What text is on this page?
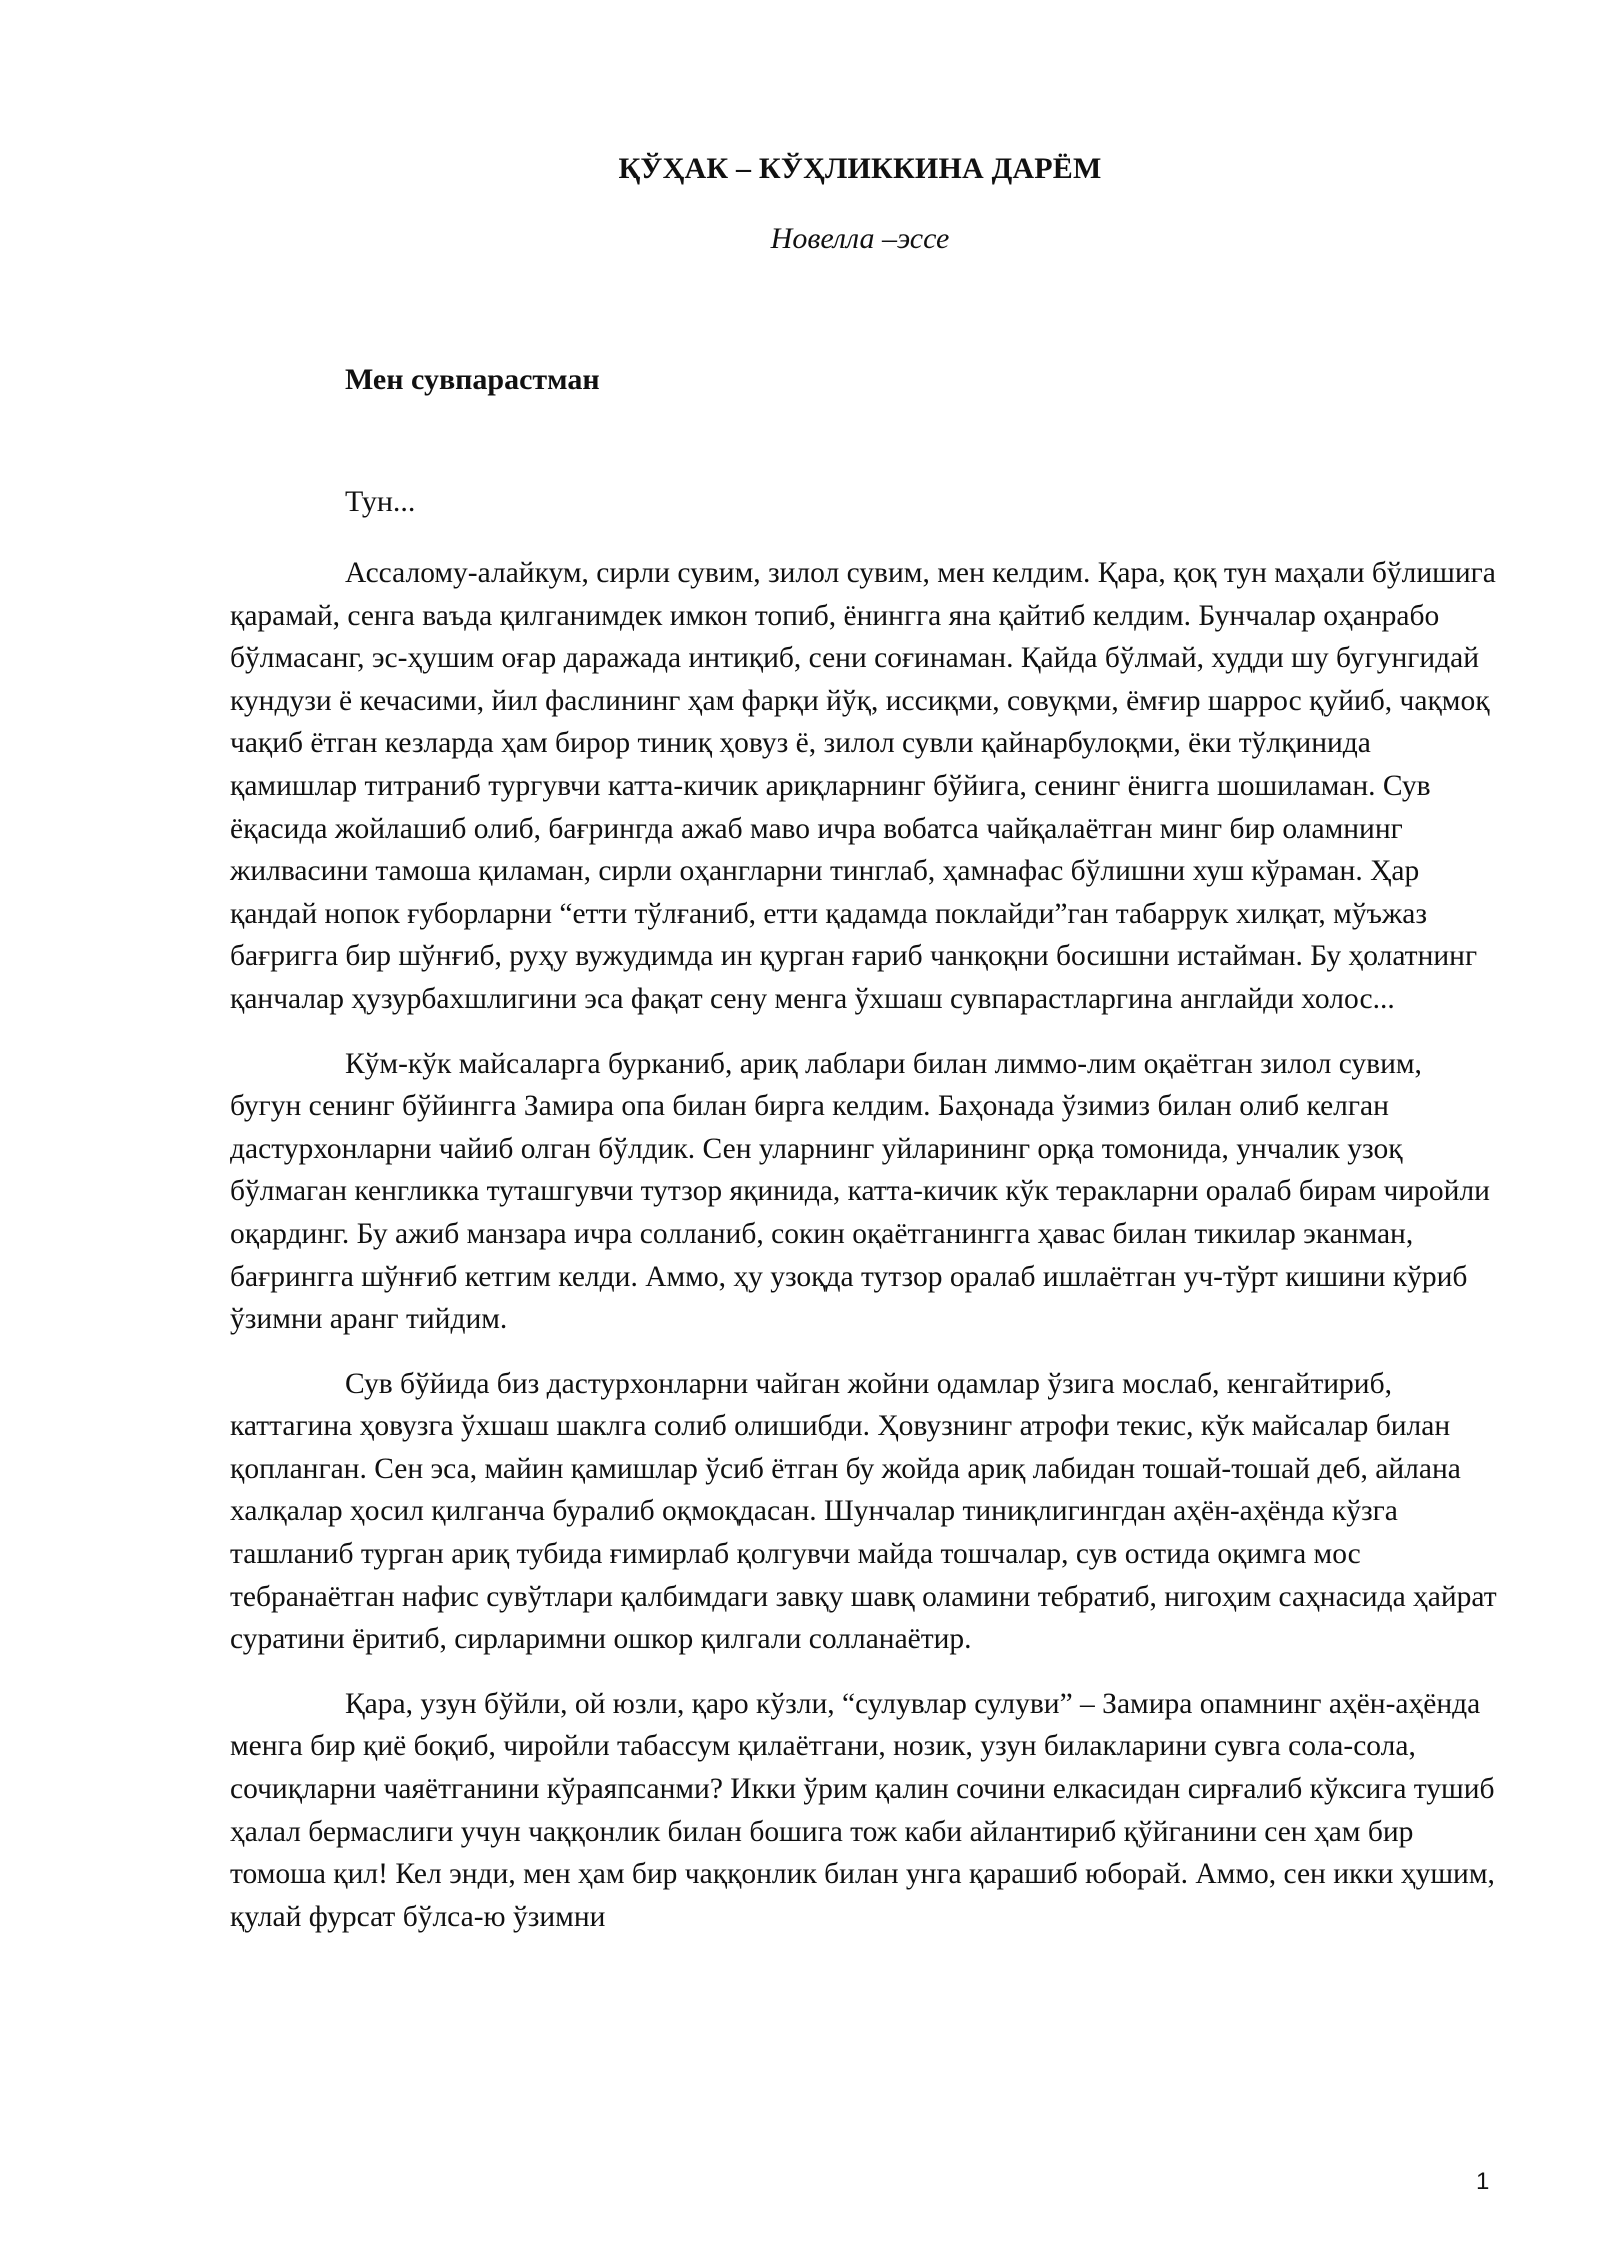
ҚЎҲАК – КЎҲЛИККИНА ДАРЁМ

Новелла –эссе

Мен сувпарастман

Тун...

Ассалому-алайкум, сирли сувим, зилол сувим, мен келдим. Қара, қоқ тун маҳали бўлишига қарамай, сенга ваъда қилганимдек имкон топиб, ёнингга яна қайтиб келдим. Бунчалар оҳанрабо бўлмасанг, эс-ҳушим оғар даражада интиқиб, сени соғинаман. Қайда бўлмай, худди шу бугунгидай кундузи ё кечасими, йил фаслининг ҳам фарқи йўқ, иссиқми, совуқми, ёмғир шаррос қуйиб, чақмоқ чақиб ётган кезларда ҳам бирор тиниқ ҳовуз ё, зилол сувли қайнарбулоқми, ёки тўлқинида қамишлар титраниб тургувчи катта-кичик ариқларнинг бўйига, сенинг ёнигга шошиламан. Сув ёқасида жойлашиб олиб, бағрингда ажаб маво ичра вобатса чайқалаётган минг бир оламнинг жилвасини тамоша қиламан, сирли оҳангларни тинглаб, ҳамнафас бўлишни хуш кўраман. Ҳар қандай нопок ғуборларни “етти тўлғаниб, етти қадамда поклайди”ган табаррук хилқат, мўъжаз бағригга бир шўнғиб, руҳу вужудимда ин қурган ғариб чанқоқни босишни истайман. Бу ҳолатнинг қанчалар ҳузурбахшлигини эса фақат сену менга ўхшаш сувпарастларгина англайди холос...

Кўм-кўк майсаларга бурканиб, ариқ лаблари билан лиммо-лим оқаётган зилол сувим, бугун сенинг бўйингга Замира опа билан бирга келдим. Баҳонада ўзимиз билан олиб келган дастурхонларни чайиб олган бўлдик. Сен уларнинг уйларининг орқа томонида, унчалик узоқ бўлмаган кенгликка туташгувчи тутзор яқинида, катта-кичик кўк теракларни оралаб бирам чиройли оқардинг. Бу ажиб манзара ичра солланиб, сокин оқаётганингга ҳавас билан тикилар эканман, бағрингга шўнғиб кетгим келди. Аммо, ҳу узоқда тутзор оралаб ишлаётган уч-тўрт кишини кўриб ўзимни аранг тийдим.

Сув бўйида биз дастурхонларни чайган жойни одамлар ўзига мослаб, кенгайтириб, каттагина ҳовузга ўхшаш шаклга солиб олишибди. Ҳовузнинг атрофи текис, кўк майсалар билан қопланган. Сен эса, майин қамишлар ўсиб ётган бу жойда ариқ лабидан тошай-тошай деб, айлана халқалар ҳосил қилганча буралиб оқмоқдасан. Шунчалар тиниқлигингдан аҳён-аҳёнда кўзга ташланиб турган ариқ тубида ғимирлаб қолгувчи майда тошчалар, сув остида оқимга мос тебранаётган нафис сувўтлари қалбимдаги завқу шавқ оламини тебратиб, нигоҳим саҳнасида ҳайрат суратини ёритиб, сирларимни ошкор қилгали солланаётир.

Қара, узун бўйли, ой юзли, қаро кўзли, “сулувлар сулуви” – Замира опамнинг аҳён-аҳёнда менга бир қиё боқиб, чиройли табассум қилаётгани, нозик, узун билакларини сувга сола-сола, сочиқларни чаяётганини кўраяпсанми? Икки ўрим қалин сочини елкасидан сирғалиб кўксига тушиб ҳалал бермаслиги учун чаққонлик билан бошига тож каби айлантириб қўйганини сен ҳам бир томоша қил! Кел энди, мен ҳам бир чаққонлик билан унга қарашиб юборай. Аммо, сен икки ҳушим, қулай фурсат бўлса-ю ўзимни

1
